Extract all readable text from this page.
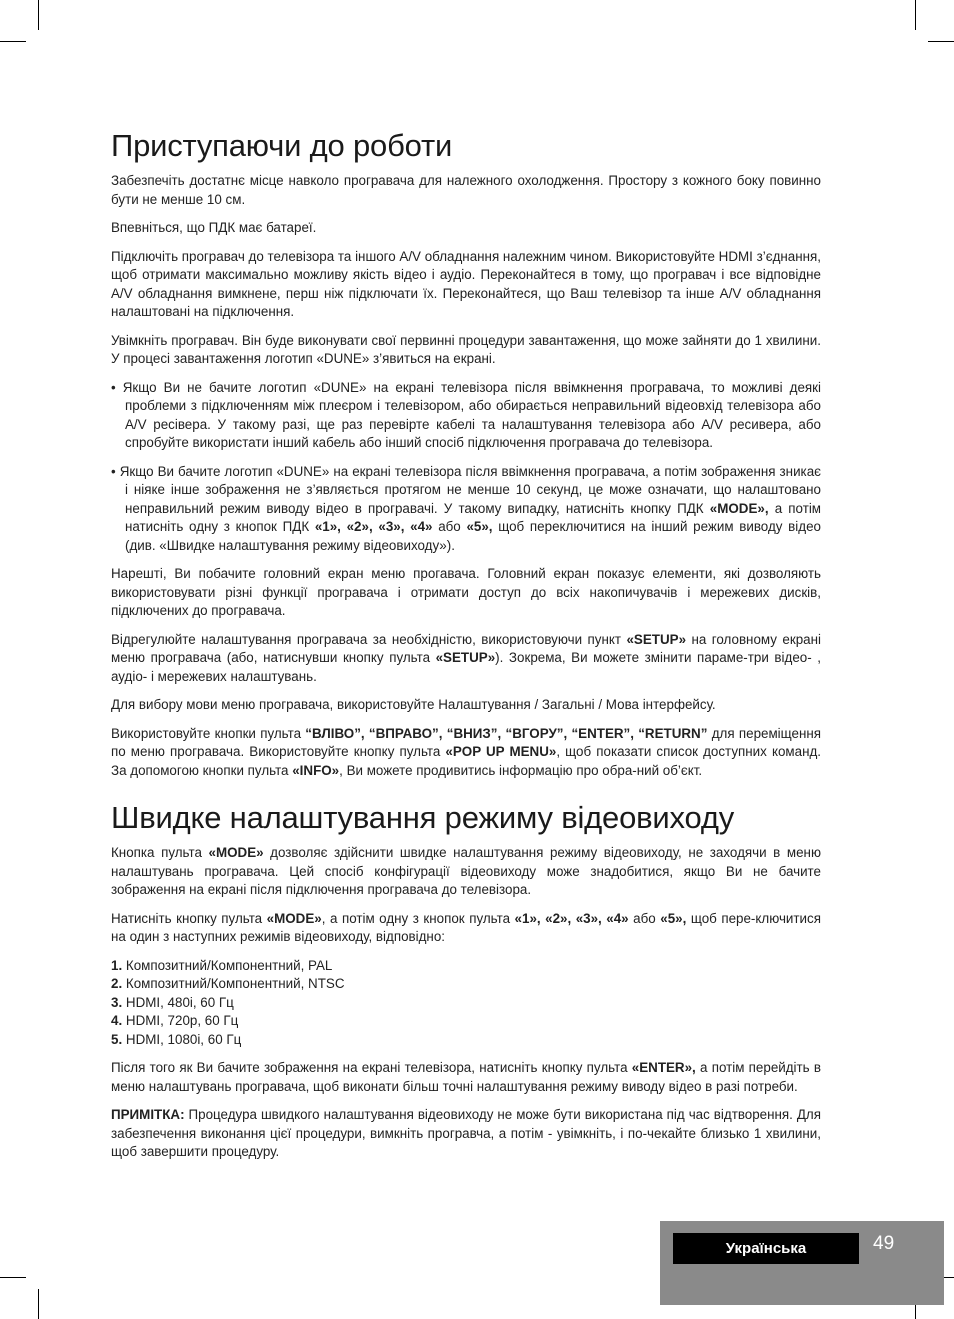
Приступаючи до роботи

Забезпечіть достатнє місце навколо програвача для належного охолодження. Простору з кожного боку повинно бути не менше 10 см.

Впевніться, що ПДК має батареї.

Підключіть програвач до телевізора та іншого A/V обладнання належним чином. Використовуйте HDMI з’єднання, щоб отримати максимально можливу якість відео і аудіо. Переконайтеся в тому, що програвач і все відповідне A/V обладнання вимкнене, перш ніж підключати їх. Переконайтеся, що Ваш телевізор та інше A/V обладнання налаштовані на підключення.

Увімкніть програвач. Він буде виконувати свої первинні процедури завантаження, що може зайняти до 1 хвилини. У процесі завантаження логотип «DUNE» з’явиться на екрані.

• Якщо Ви не бачите логотип «DUNE» на екрані телевізора після ввімкнення програвача, то можливі деякі проблеми з підключенням між плеєром і телевізором, або обирається неправильний відеовхід телевізора або A/V ресівера. У такому разі, ще раз перевірте кабелі та налаштування телевізора або A/V ресивера, або спробуйте використати інший кабель або інший спосіб підключення програвача до телевізора.

• Якщо Ви бачите логотип «DUNE» на екрані телевізора після ввімкнення програвача, а потім зображення зникає і ніяке інше зображення не з’являється протягом не менше 10 секунд, це може означати, що налаштовано неправильний режим виводу відео в програвачі. У такому випадку, натисніть кнопку ПДК «MODE», а потім натисніть одну з кнопок ПДК «1», «2», «3», «4» або «5», щоб переключитися на інший режим виводу відео (див. «Швидке налаштування режиму відеовиходу»).

Нарешті, Ви побачите головний екран меню прогавача. Головний екран показує елементи, які дозволяють використовувати різні функції програвача і отримати доступ до всіх накопичувачів і мережевих дисків, підключених до програвача.

Відрегулюйте налаштування програвача за необхідністю, використовуючи пункт «SETUP» на головному екрані меню програвача (або, натиснувши кнопку пульта «SETUP»). Зокрема, Ви можете змінити параме-три відео- , аудіо- і мережевих налаштувань.

Для вибору мови меню програвача, використовуйте Налаштування / Загальні / Мова інтерфейсу.

Використовуйте кнопки пульта “ВЛІВО”, “ВПРАВО”, “ВНИЗ”, “ВГОРУ”, “ENTER”, “RETURN” для переміщення по меню програвача. Використовуйте кнопку пульта «POP UP MENU», щоб показати список доступних команд. За допомогою кнопки пульта «INFO», Ви можете продивитись інформацію про обра-ний об’єкт.

Швидке налаштування режиму відеовиходу

Кнопка пульта «MODE» дозволяє здійснити швидке налаштування режиму відеовиходу, не заходячи в меню налаштувань програвача. Цей спосіб конфігурації відеовиходу може знадобитися, якщо Ви не бачите зображення на екрані після підключення програвача до телевізора.

Натисніть кнопку пульта «MODE», а потім одну з кнопок пульта «1», «2», «3», «4» або «5», щоб пере-ключитися на один з наступних режимів відеовиходу, відповідно:

1. Композитний/Компонентний, PAL
2. Композитний/Компонентний, NTSC
3. HDMI, 480i, 60 Гц
4. HDMI, 720p, 60 Гц
5. HDMI, 1080i, 60 Гц

Після того як Ви бачите зображення на екрані телевізора, натисніть кнопку пульта «ENTER», а потім перейдіть в меню налаштувань програвача, щоб виконати більш точні налаштування режиму виводу відео в разі потреби.

ПРИМІТКА: Процедура швидкого налаштування відеовиходу не може бути використана під час відтворення. Для забезпечення виконання цієї процедури, вимкніть програвча, а потім - увімкніть, і по-чекайте близько 1 хвилини, щоб завершити процедуру.

Українська	49
